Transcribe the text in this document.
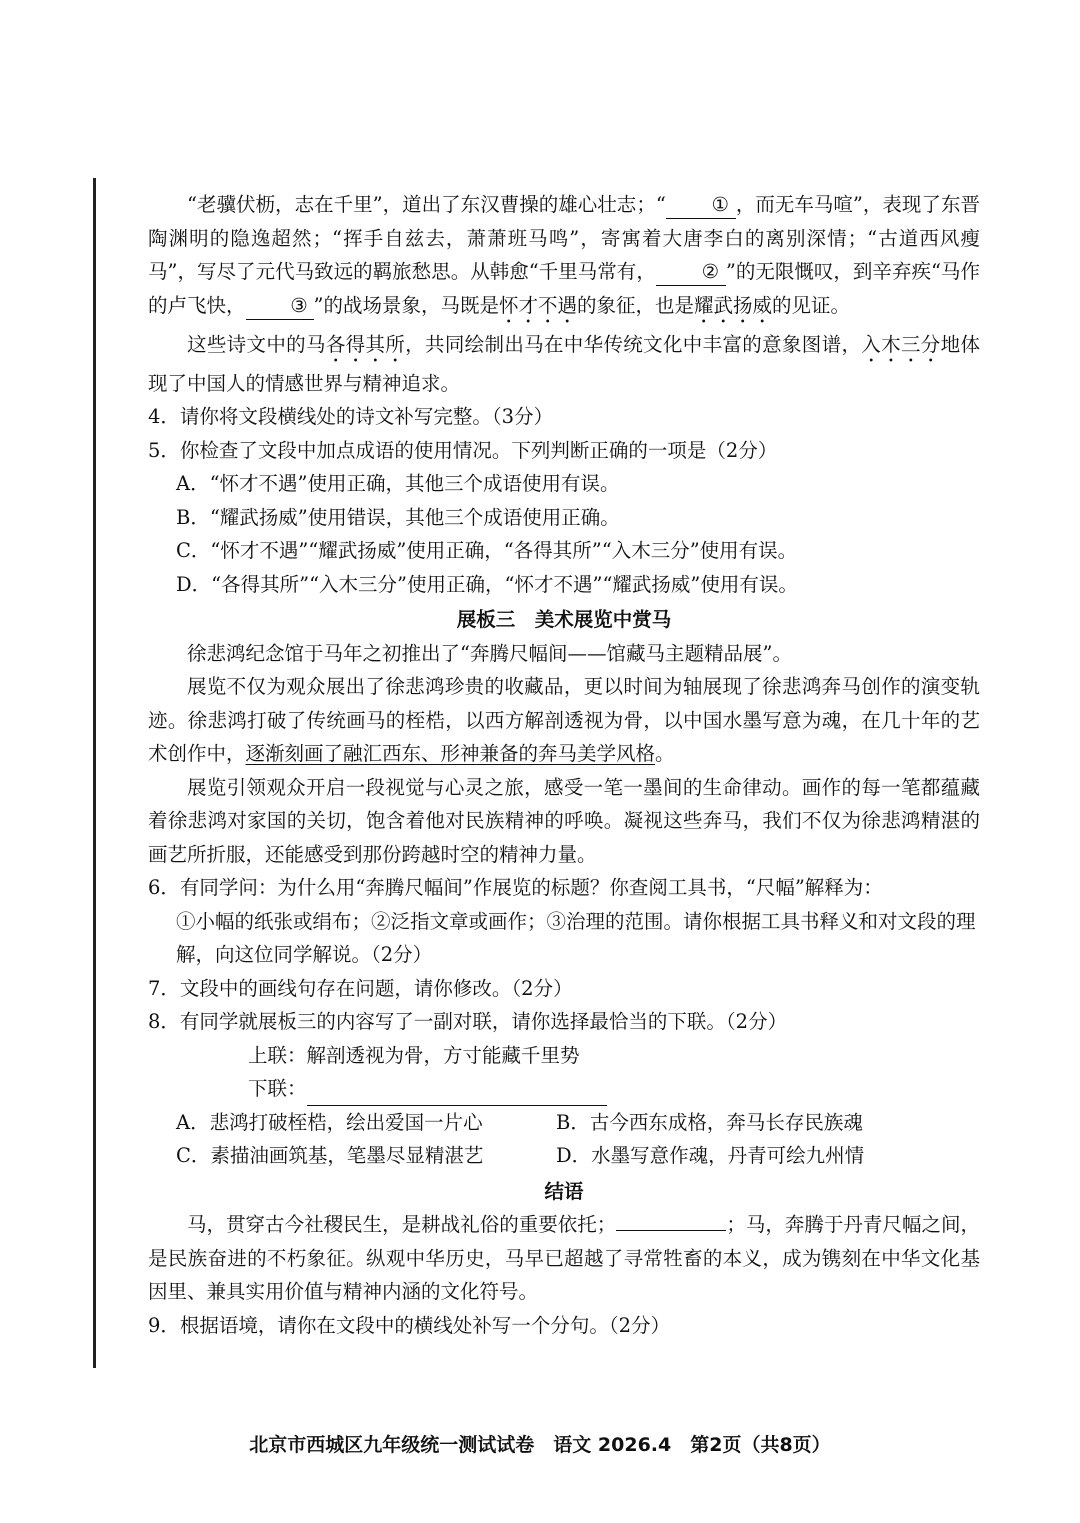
“老骥伏枥，志在千里”，道出了东汉曹操的雄心壮志；“ ① ，而无车马喧”，表现了东晋陶渊明的隐逸超然；“挥手自兹去，萧萧班马鸣”，寄寓着大唐李白的离别深情；“古道西风瘦马”，写尽了元代马致远的羁旅愁思。从韩愈“千里马常有， ② ”的无限慨叹，到辛弃疾“马作的卢飞快， ③ ”的战场景象，马既是怀才不遇的象征，也是耀武扬威的见证。

这些诗文中的马各得其所，共同绘制出马在中华传统文化中丰富的意象图谱，入木三分地体现了中国人的情感世界与精神追求。

4．请你将文段横线处的诗文补写完整。（3分）

5．你检查了文段中加点成语的使用情况。下列判断正确的一项是（2分）

A．“怀才不遇”使用正确，其他三个成语使用有误。

B．“耀武扬威”使用错误，其他三个成语使用正确。

C．“怀才不遇”“耀武扬威”使用正确，“各得其所”“入木三分”使用有误。

D．“各得其所”“入木三分”使用正确，“怀才不遇”“耀武扬威”使用有误。

展板三　美术展览中赏马

徐悲鸿纪念馆于马年之初推出了“奔腾尺幅间——馆藏马主题精品展”。

展览不仅为观众展出了徐悲鸿珍贵的收藏品，更以时间为轴展现了徐悲鸿奔马创作的演变轨迹。徐悲鸿打破了传统画马的桎梏，以西方解剖透视为骨，以中国水墨写意为魂，在几十年的艺术创作中，逐渐刻画了融汇西东、形神兼备的奔马美学风格。

展览引领观众开启一段视觉与心灵之旅，感受一笔一墨间的生命律动。画作的每一笔都蕴藏着徐悲鸿对家国的关切，饱含着他对民族精神的呼唤。凝视这些奔马，我们不仅为徐悲鸿精湛的画艺所折服，还能感受到那份跨越时空的精神力量。

6．有同学问：为什么用“奔腾尺幅间”作展览的标题？你查阅工具书，“尺幅”解释为：

①小幅的纸张或绢布；②泛指文章或画作；③治理的范围。请你根据工具书释义和对文段的理解，向这位同学解说。（2分）

7．文段中的画线句存在问题，请你修改。（2分）

8．有同学就展板三的内容写了一副对联，请你选择最恰当的下联。（2分）

上联：解剖透视为骨，方寸能藏千里势

下联：

A．悲鸿打破桎梏，绘出爱国一片心	B．古今西东成格，奔马长存民族魂
C．素描油画筑基，笔墨尽显精湛艺	D．水墨写意作魂，丹青可绘九州情

结语

马，贯穿古今社稷民生，是耕战礼俗的重要依托；	；马，奔腾于丹青尺幅之间，是民族奋进的不朽象征。纵观中华历史，马早已超越了寻常牲畜的本义，成为镌刻在中华文化基因里、兼具实用价值与精神内涵的文化符号。

9．根据语境，请你在文段中的横线处补写一个分句。（2分）

北京市西城区九年级统一测试试卷　语文 2026.4　第2页（共8页）
